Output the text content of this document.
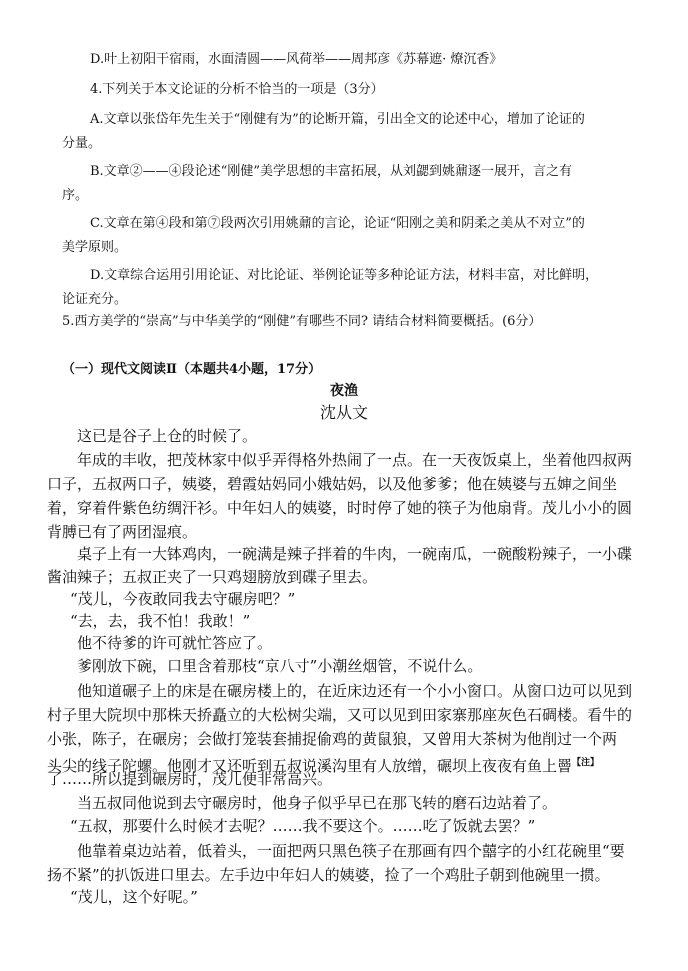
D.叶上初阳干宿雨，水面清圆——风荷举——周邦彦《苏幕遮· 燎沉香》
4.下列关于本文论证的分析不恰当的一项是（3分）
A.文章以张岱年先生关于“刚健有为”的论断开篇，引出全文的论述中心，增加了论证的
分量。
B.文章②——④段论述“刚健”美学思想的丰富拓展，从刘勰到姚鼐逐一展开，言之有
序。
C.文章在第④段和第⑦段两次引用姚鼐的言论，论证“阳刚之美和阴柔之美从不对立”的
美学原则。
D.文章综合运用引用论证、对比论证、举例论证等多种论证方法，材料丰富，对比鲜明，
论证充分。
5.西方美学的“崇高”与中华美学的“刚健”有哪些不同? 请结合材料简要概括。(6分）
（一）现代文阅读Ⅱ（本题共4小题，17分）
夜渔
沈从文
这已是谷子上仓的时候了。
年成的丰收，把茂林家中似乎弄得格外热闹了一点。在一天夜饭桌上，坐着他四叔两
口子，五叔两口子，姨婆，碧霞姑妈同小娥姑妈，以及他爹爹；他在姨婆与五婶之间坐
着，穿着件紫色纺绸汗衫。中年妇人的姨婆，时时停了她的筷子为他扇背。茂儿小小的圆
背膊已有了两团湿痕。
桌子上有一大钵鸡肉，一碗满是辣子拌着的牛肉，一碗南瓜，一碗酸粉辣子，一小碟
酱油辣子；五叔正夹了一只鸡翅膀放到碟子里去。
“茂儿，今夜敢同我去守碾房吧？”
“去，去，我不怕！我敢！”
他不待爹的许可就忙答应了。
爹刚放下碗，口里含着那枝“京八寸”小潮丝烟管，不说什么。
他知道碾子上的床是在碾房楼上的，在近床边还有一个小小窗口。从窗口边可以见到
村子里大院坝中那株天挢矗立的大松树尖端，又可以见到田家寨那座灰色石碉楼。看牛的
小张，陈子，在碾房；会做打笼装套捕捉偷鸡的黄鼠狼，又曾用大茶树为他削过一个两
头尖的线子陀螺。他刚才又还听到五叔说溪沟里有人放缯，碾坝上夜夜有鱼上罾$^{【注】}$
了……所以提到碾房时，茂儿便非常高兴。
当五叔同他说到去守碾房时，他身子似乎早已在那飞转的磨石边站着了。
“五叔，那要什么时候才去呢？……我不要这个。……吃了饭就去罢？”
他靠着桌边站着，低着头，一面把两只黑色筷子在那画有四个囍字的小红花碗里“要
扬不紧”的扒饭进口里去。左手边中年妇人的姨婆，捡了一个鸡肚子朝到他碗里一掼。
“茂儿，这个好呢。”
